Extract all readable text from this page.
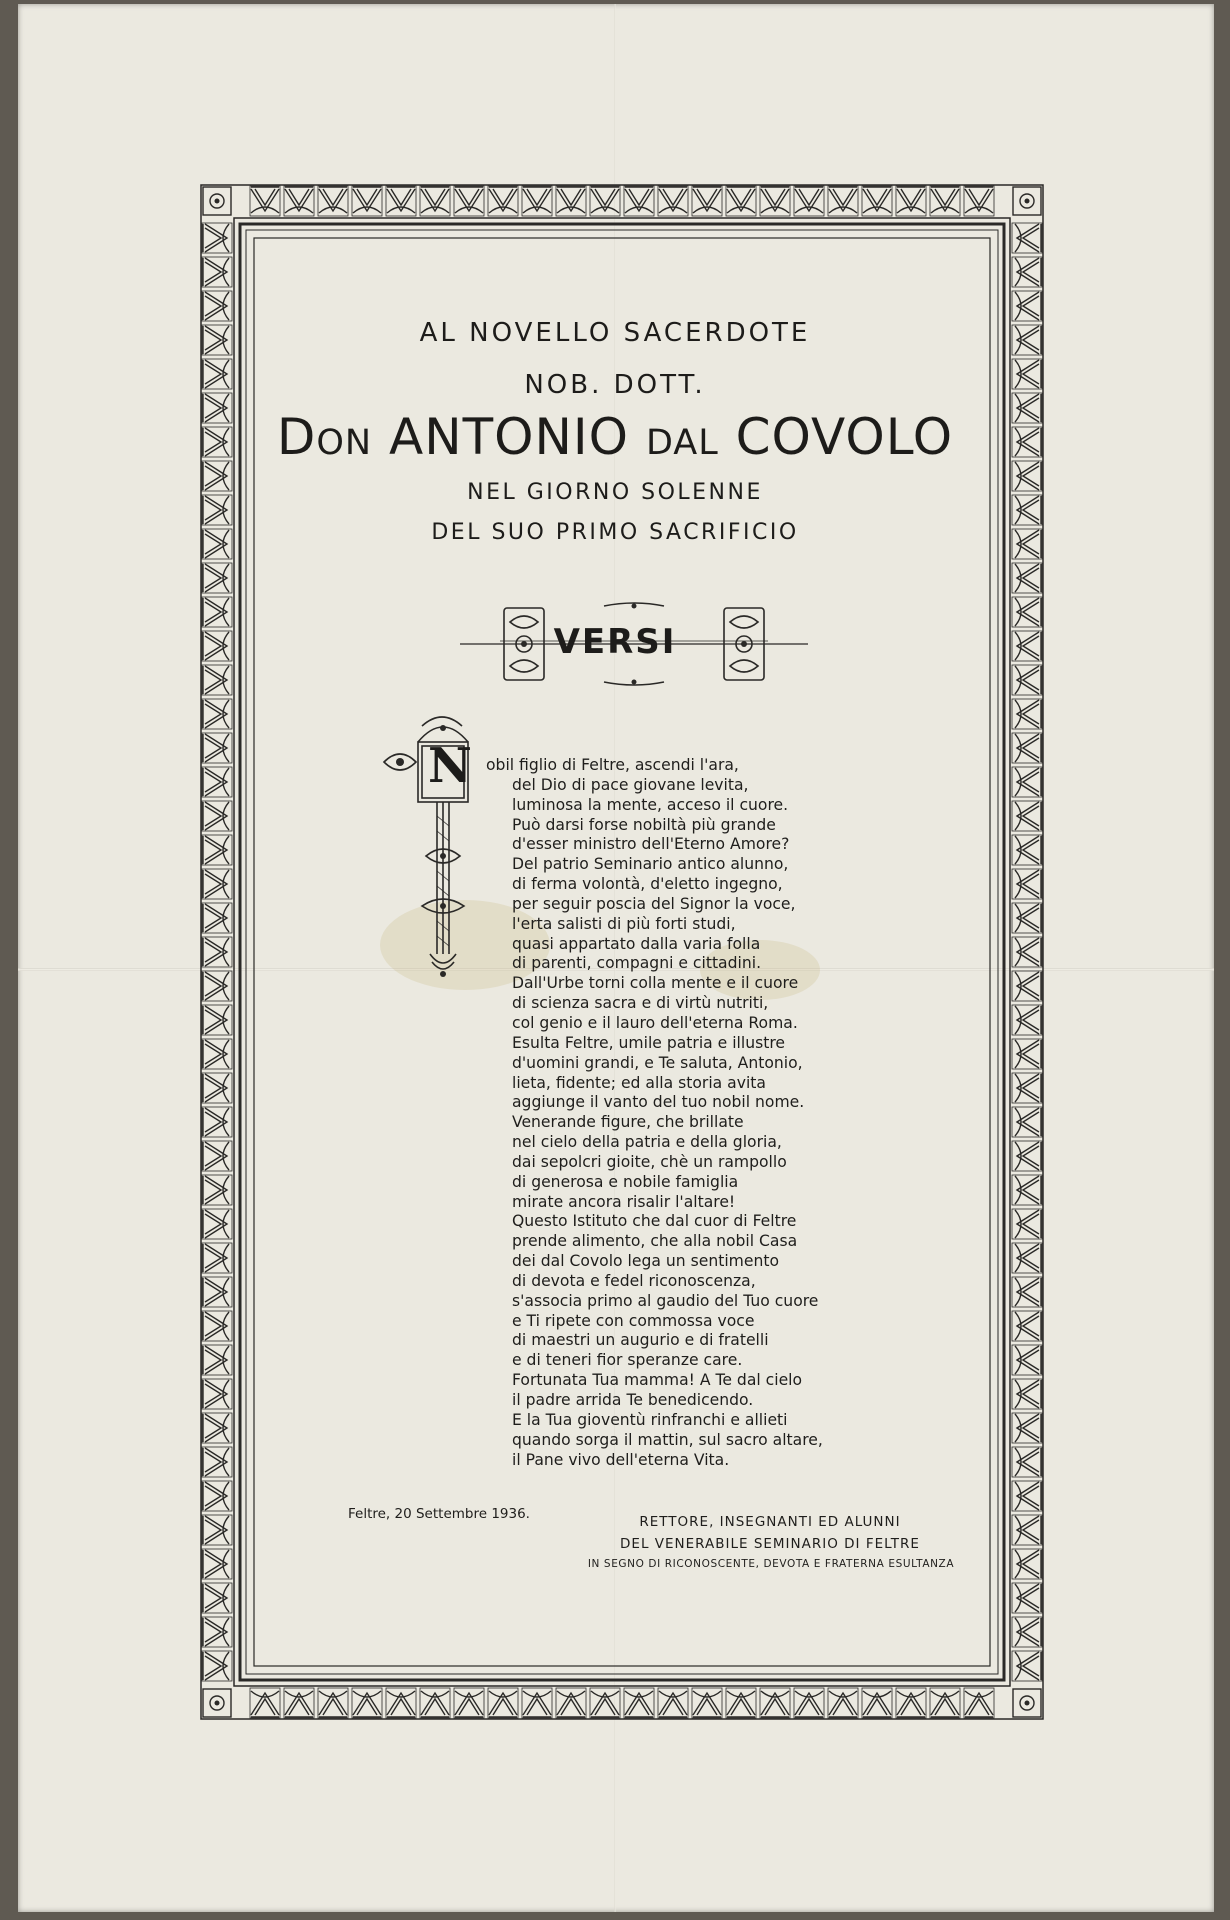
AL NOVELLO SACERDOTE
NOB. DOTT.
Don ANTONIO dal COVOLO
NEL GIORNO SOLENNE
DEL SUO PRIMO SACRIFICIO
VERSI
N obil figlio di Feltre, ascendi l'ara,
del Dio di pace giovane levita,
luminosa la mente, acceso il cuore.
Può darsi forse nobiltà più grande
d'esser ministro dell'Eterno Amore?
Del patrio Seminario antico alunno,
di ferma volontà, d'eletto ingegno,
per seguir poscia del Signor la voce,
l'erta salisti di più forti studi,
quasi appartato dalla varia folla
di parenti, compagni e cittadini.
Dall'Urbe torni colla mente e il cuore
di scienza sacra e di virtù nutriti,
col genio e il lauro dell'eterna Roma.
Esulta Feltre, umile patria e illustre
d'uomini grandi, e Te saluta, Antonio,
lieta, fidente; ed alla storia avita
aggiunge il vanto del tuo nobil nome.
Venerande figure, che brillate
nel cielo della patria e della gloria,
dai sepolcri gioite, chè un rampollo
di generosa e nobile famiglia
mirate ancora risalir l'altare!
Questo Istituto che dal cuor di Feltre
prende alimento, che alla nobil Casa
dei dal Covolo lega un sentimento
di devota e fedel riconoscenza,
s'associa primo al gaudio del Tuo cuore
e Ti ripete con commossa voce
di maestri un augurio e di fratelli
e di teneri fior speranze care.
Fortunata Tua mamma! A Te dal cielo
il padre arrida Te benedicendo.
E la Tua gioventù rinfranchi e allieti
quando sorga il mattin, sul sacro altare,
il Pane vivo dell'eterna Vita.
Feltre, 20 Settembre 1936.	RETTORE, INSEGNANTI ED ALUNNI
DEL VENERABILE SEMINARIO DI FELTRE
IN SEGNO DI RICONOSCENTE, DEVOTA E FRATERNA ESULTANZA
